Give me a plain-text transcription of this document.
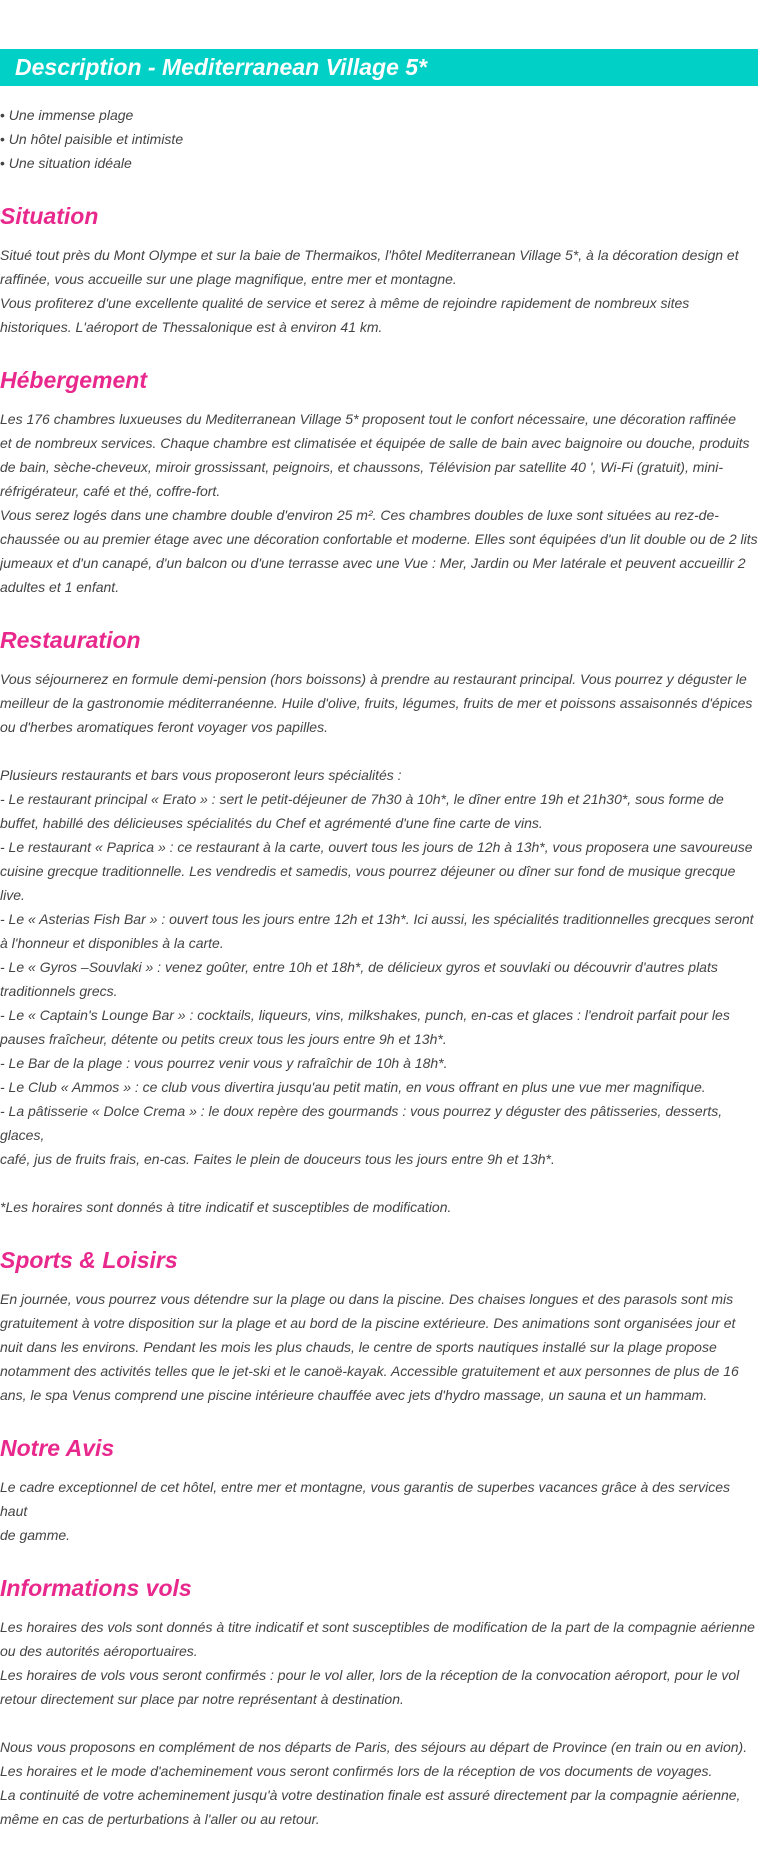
Description - Mediterranean Village 5*
• Une immense plage
• Un hôtel paisible et intimiste
• Une situation idéale
Situation

Situé tout près du Mont Olympe et sur la baie de Thermaikos, l'hôtel Mediterranean Village 5*, à la décoration design et

raffinée, vous accueille sur une plage magnifique, entre mer et montagne.

Vous profiterez d'une excellente qualité de service et serez à même de rejoindre rapidement de nombreux sites

historiques. L'aéroport de Thessalonique est à environ 41 km.

Hébergement

Les 176 chambres luxueuses du Mediterranean Village 5* proposent tout le confort nécessaire, une décoration raffinée

et de nombreux services. Chaque chambre est climatisée et équipée de salle de bain avec baignoire ou douche, produits

de bain, sèche-cheveux, miroir grossissant, peignoirs, et chaussons, Télévision par satellite 40 ', Wi-Fi (gratuit), mini-

réfrigérateur, café et thé, coffre-fort.

Vous serez logés dans une chambre double d'environ 25 m². Ces chambres doubles de luxe sont situées au rez-de-

chaussée ou au premier étage avec une décoration confortable et moderne. Elles sont équipées d'un lit double ou de 2 lits

jumeaux et d'un canapé, d'un balcon ou d'une terrasse avec une Vue : Mer, Jardin ou Mer latérale et peuvent accueillir 2

adultes et 1 enfant.

Restauration

Vous séjournerez en formule demi-pension (hors boissons) à prendre au restaurant principal. Vous pourrez y déguster le

meilleur de la gastronomie méditerranéenne. Huile d'olive, fruits, légumes, fruits de mer et poissons assaisonnés d'épices

ou d'herbes aromatiques feront voyager vos papilles.

Plusieurs restaurants et bars vous proposeront leurs spécialités :

- Le restaurant principal « Erato » : sert le petit-déjeuner de 7h30 à 10h*, le dîner entre 19h et 21h30*, sous forme de

buffet, habillé des délicieuses spécialités du Chef et agrémenté d'une fine carte de vins.

- Le restaurant « Paprica » : ce restaurant à la carte, ouvert tous les jours de 12h à 13h*, vous proposera une savoureuse

cuisine grecque traditionnelle. Les vendredis et samedis, vous pourrez déjeuner ou dîner sur fond de musique grecque

live.

- Le « Asterias Fish Bar » : ouvert tous les jours entre 12h et 13h*. Ici aussi, les spécialités traditionnelles grecques seront

à l'honneur et disponibles à la carte.

- Le « Gyros –Souvlaki » : venez goûter, entre 10h et 18h*, de délicieux gyros et souvlaki ou découvrir d'autres plats

traditionnels grecs.

- Le « Captain's Lounge Bar » : cocktails, liqueurs, vins, milkshakes, punch, en-cas et glaces : l'endroit parfait pour les

pauses fraîcheur, détente ou petits creux tous les jours entre 9h et 13h*.

- Le Bar de la plage : vous pourrez venir vous y rafraîchir de 10h à 18h*.

- Le Club « Ammos » : ce club vous divertira jusqu'au petit matin, en vous offrant en plus une vue mer magnifique.

- La pâtisserie « Dolce Crema » : le doux repère des gourmands : vous pourrez y déguster des pâtisseries, desserts, glaces,

café, jus de fruits frais, en-cas. Faites le plein de douceurs tous les jours entre 9h et 13h*.

*Les horaires sont donnés à titre indicatif et susceptibles de modification.

Sports & Loisirs

En journée, vous pourrez vous détendre sur la plage ou dans la piscine. Des chaises longues et des parasols sont mis

gratuitement à votre disposition sur la plage et au bord de la piscine extérieure. Des animations sont organisées jour et

nuit dans les environs. Pendant les mois les plus chauds, le centre de sports nautiques installé sur la plage propose

notamment des activités telles que le jet-ski et le canoë-kayak. Accessible gratuitement et aux personnes de plus de 16

ans, le spa Venus comprend une piscine intérieure chauffée avec jets d'hydro massage, un sauna et un hammam.

Notre Avis

Le cadre exceptionnel de cet hôtel, entre mer et montagne, vous garantis de superbes vacances grâce à des services haut

de gamme.

Informations vols

Les horaires des vols sont donnés à titre indicatif et sont susceptibles de modification de la part de la compagnie aérienne

ou des autorités aéroportuaires.

Les horaires de vols vous seront confirmés : pour le vol aller, lors de la réception de la convocation aéroport, pour le vol

retour directement sur place par notre représentant à destination.

Nous vous proposons en complément de nos départs de Paris, des séjours au départ de Province (en train ou en avion).

Les horaires et le mode d'acheminement vous seront confirmés lors de la réception de vos documents de voyages.

La continuité de votre acheminement jusqu'à votre destination finale est assuré directement par la compagnie aérienne,

même en cas de perturbations à l'aller ou au retour.
